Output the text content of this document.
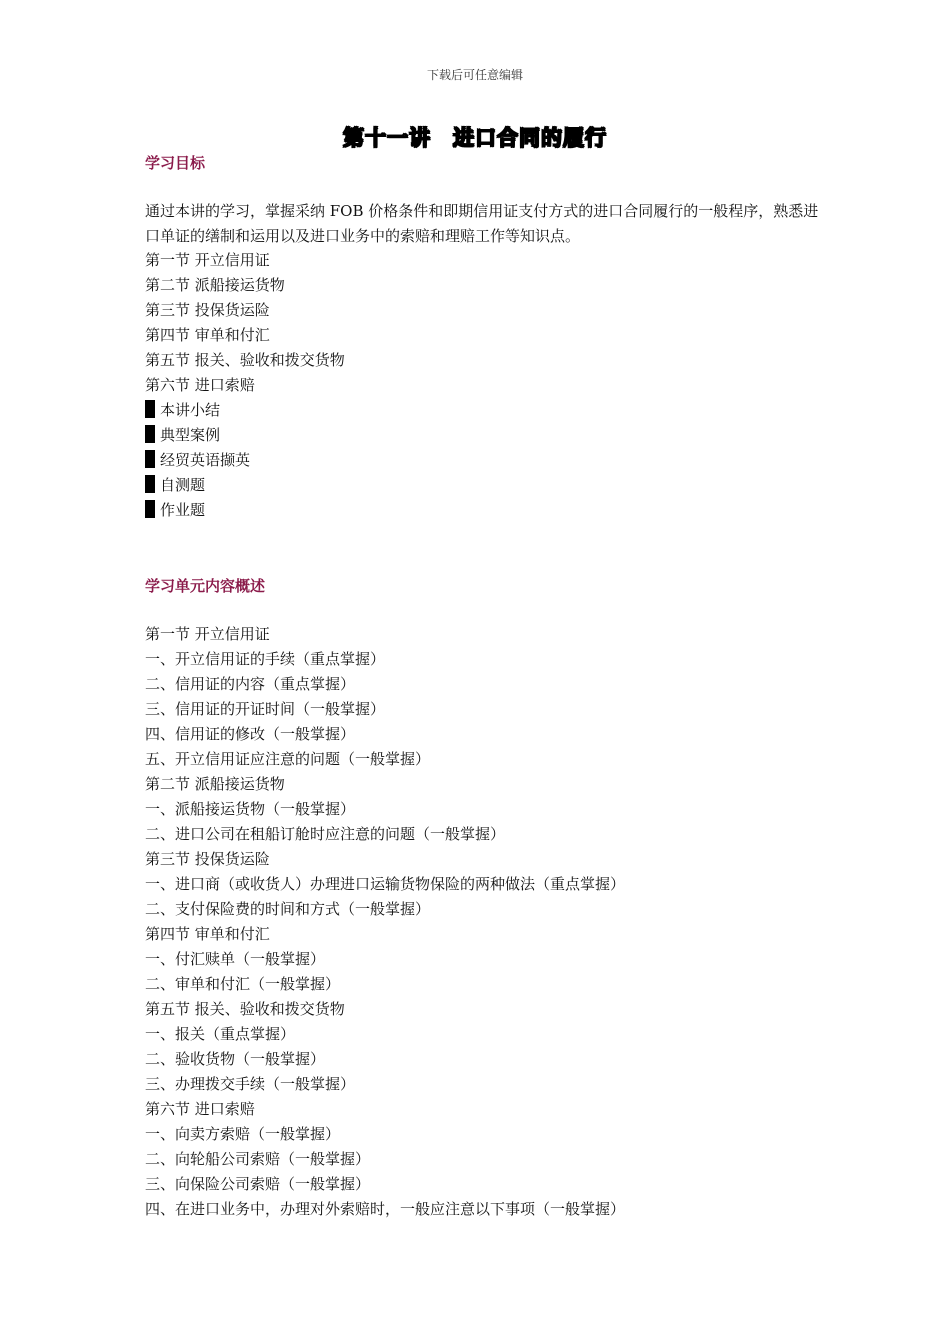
下载后可任意编辑
第十一讲　进口合同的履行
学习目标
通过本讲的学习，掌握采纳 FOB 价格条件和即期信用证支付方式的进口合同履行的一般程序，熟悉进口单证的缮制和运用以及进口业务中的索赔和理赔工作等知识点。
第一节 开立信用证
第二节 派船接运货物
第三节 投保货运险
第四节 审单和付汇
第五节 报关、验收和拨交货物
第六节 进口索赔
本讲小结
典型案例
经贸英语撷英
自测题
作业题
学习单元内容概述
第一节 开立信用证
一、开立信用证的手续（重点掌握）
二、信用证的内容（重点掌握）
三、信用证的开证时间（一般掌握）
四、信用证的修改（一般掌握）
五、开立信用证应注意的问题（一般掌握）
第二节 派船接运货物
一、派船接运货物（一般掌握）
二、进口公司在租船订舱时应注意的问题（一般掌握）
第三节 投保货运险
一、进口商（或收货人）办理进口运输货物保险的两种做法（重点掌握）
二、支付保险费的时间和方式（一般掌握）
第四节 审单和付汇
一、付汇赎单（一般掌握）
二、审单和付汇（一般掌握）
第五节 报关、验收和拨交货物
一、报关（重点掌握）
二、验收货物（一般掌握）
三、办理拨交手续（一般掌握）
第六节 进口索赔
一、向卖方索赔（一般掌握）
二、向轮船公司索赔（一般掌握）
三、向保险公司索赔（一般掌握）
四、在进口业务中，办理对外索赔时，一般应注意以下事项（一般掌握）
